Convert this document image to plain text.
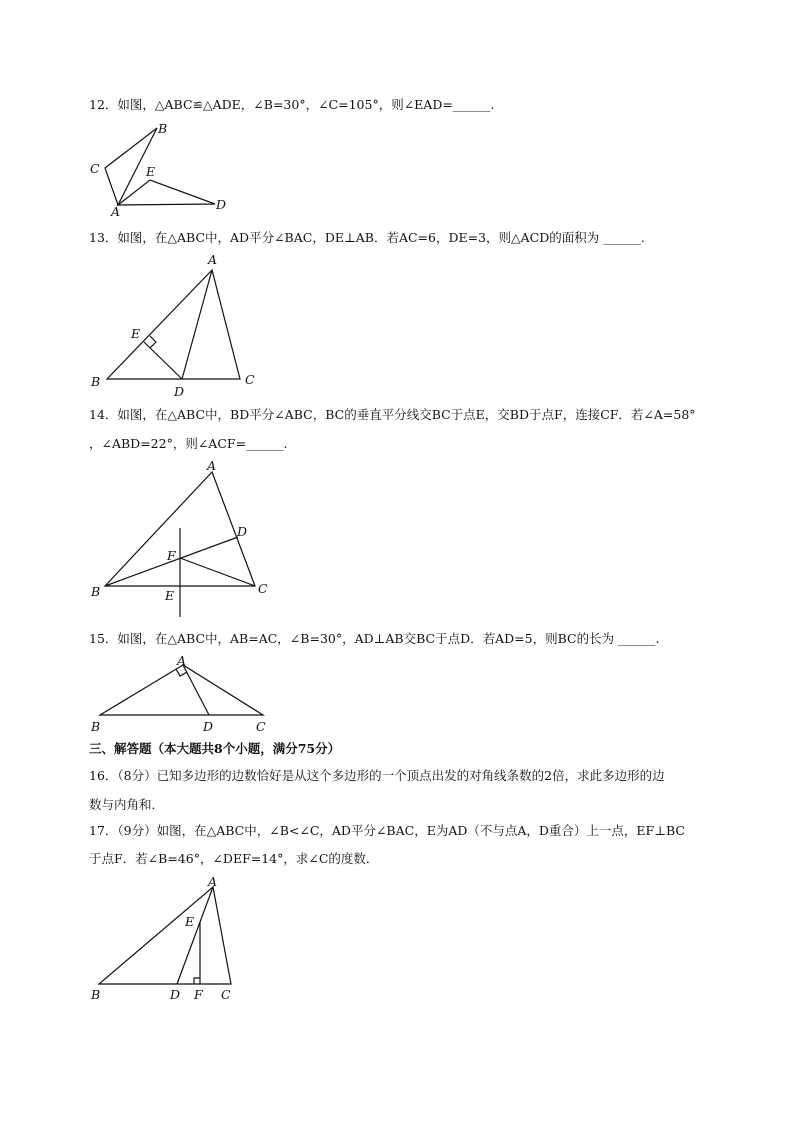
12．如图，△ABC≌△ADE，∠B=30°，∠C=105°，则∠EAD=______.
B
C	E
A	D
13．如图，在△ABC中，AD平分∠BAC，DE⊥AB．若AC=6，DE=3，则△ACD的面积为 ______.
A
E
B
D
C
14．如图，在△ABC中，BD平分∠ABC，BC的垂直平分线交BC于点E，交BD于点F，连接CF．若∠A=58°
，∠ABD=22°，则∠ACF=______.
A
D
F
B	E	C
15．如图，在△ABC中，AB=AC，∠B=30°，AD⊥AB交BC于点D．若AD=5，则BC的长为 ______.
A
B	D	C
三、解答题（本大题共8个小题，满分75分）
16．（8分）已知多边形的边数恰好是从这个多边形的一个顶点出发的对角线条数的2倍，求此多边形的边
数与内角和．
17．（9分）如图，在△ABC中，∠B<∠C，AD平分∠BAC，E为AD（不与点A，D重合）上一点，EF⊥BC
于点F．若∠B=46°，∠DEF=14°，求∠C的度数．
A
E
B	D F C
